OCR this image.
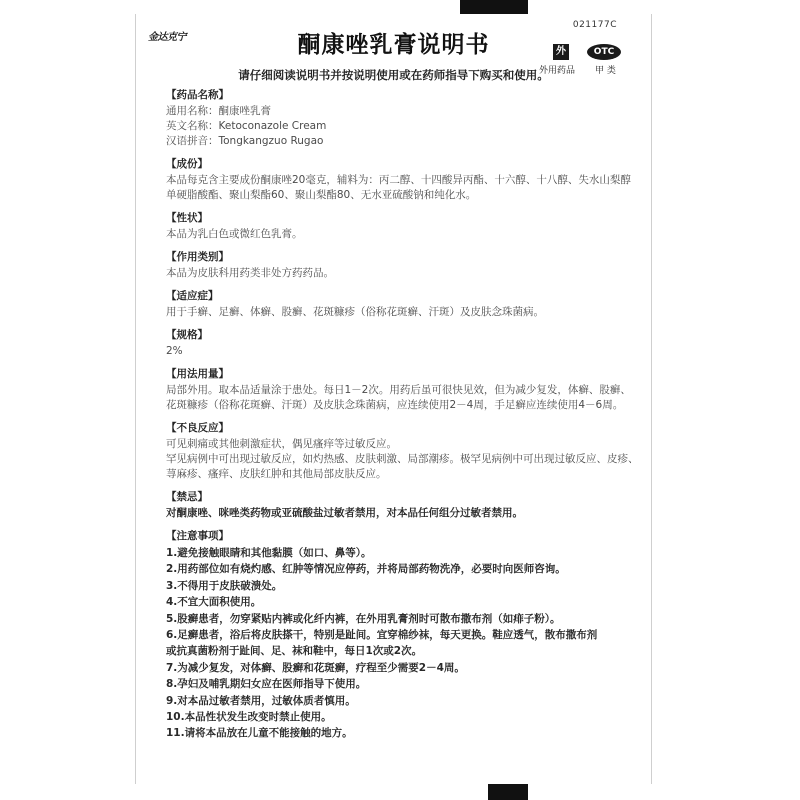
021177C
金达克宁	酮康唑乳膏说明书	外	OTC
外用药品 甲 类
请仔细阅读说明书并按说明使用或在药师指导下购买和使用。
【药品名称】
通用名称：酮康唑乳膏
英文名称：Ketoconazole Cream
汉语拼音：Tongkangzuo Rugao
【成份】
本品每克含主要成份酮康唑20毫克，辅料为：丙二醇、十四酸异丙酯、十六醇、十八醇、失水山梨醇
单硬脂酸酯、聚山梨酯60、聚山梨酯80、无水亚硫酸钠和纯化水。
【性状】
本品为乳白色或微红色乳膏。
【作用类别】
本品为皮肤科用药类非处方药药品。
【适应症】
用于手癣、足癣、体癣、股癣、花斑糠疹（俗称花斑癣、汗斑）及皮肤念珠菌病。
【规格】
2%
【用法用量】
局部外用。取本品适量涂于患处。每日1－2次。用药后虽可很快见效，但为减少复发，体癣、股癣、
花斑糠疹（俗称花斑癣、汗斑）及皮肤念珠菌病，应连续使用2－4周，手足癣应连续使用4－6周。
【不良反应】
可见刺痛或其他刺激症状，偶见瘙痒等过敏反应。
罕见病例中可出现过敏反应，如灼热感、皮肤刺激、局部潮疹。极罕见病例中可出现过敏反应、皮疹、
荨麻疹、瘙痒、皮肤红肿和其他局部皮肤反应。
【禁忌】
对酮康唑、咪唑类药物或亚硫酸盐过敏者禁用，对本品任何组分过敏者禁用。
【注意事项】
1.避免接触眼睛和其他黏膜（如口、鼻等）。
2.用药部位如有烧灼感、红肿等情况应停药，并将局部药物洗净，必要时向医师咨询。
3.不得用于皮肤破溃处。
4.不宜大面积使用。
5.股癣患者，勿穿紧贴内裤或化纤内裤，在外用乳膏剂时可散布撒布剂（如痱子粉）。
6.足癣患者，浴后将皮肤搽干，特别是趾间。宜穿棉纱袜，每天更换。鞋应透气，散布撒布剂
或抗真菌粉剂于趾间、足、袜和鞋中，每日1次或2次。
7.为减少复发，对体癣、股癣和花斑癣，疗程至少需要2－4周。
8.孕妇及哺乳期妇女应在医师指导下使用。
9.对本品过敏者禁用，过敏体质者慎用。
10.本品性状发生改变时禁止使用。
11.请将本品放在儿童不能接触的地方。
